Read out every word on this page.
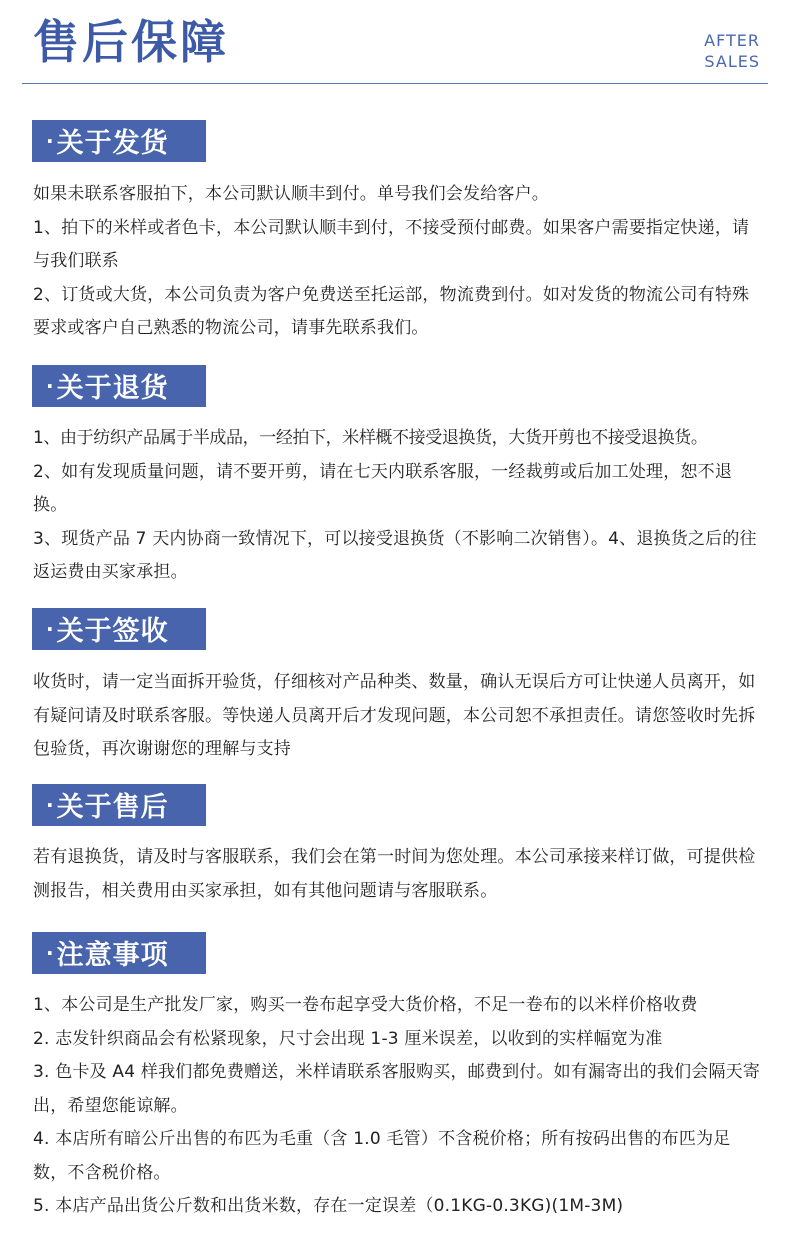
售后保障	AFTER
SALES
·关于发货

如果未联系客服拍下，本公司默认顺丰到付。单号我们会发给客户。

1、拍下的米样或者色卡，本公司默认顺丰到付，不接受预付邮费。如果客户需要指定快递，请与我们联系

2、订货或大货，本公司负责为客户免费送至托运部，物流费到付。如对发货的物流公司有特殊要求或客户自己熟悉的物流公司，请事先联系我们。

·关于退货

1、由于纺织产品属于半成品，一经拍下，米样概不接受退换货，大货开剪也不接受退换货。

2、如有发现质量问题，请不要开剪，请在七天内联系客服，一经裁剪或后加工处理，恕不退换。

3、现货产品 7 天内协商一致情况下，可以接受退换货（不影响二次销售）。4、退换货之后的往返运费由买家承担。

·关于签收

收货时，请一定当面拆开验货，仔细核对产品种类、数量，确认无误后方可让快递人员离开，如有疑问请及时联系客服。等快递人员离开后才发现问题，本公司恕不承担责任。请您签收时先拆包验货，再次谢谢您的理解与支持

·关于售后

若有退换货，请及时与客服联系，我们会在第一时间为您处理。本公司承接来样订做，可提供检测报告，相关费用由买家承担，如有其他问题请与客服联系。

·注意事项

1、本公司是生产批发厂家，购买一卷布起享受大货价格，不足一卷布的以米样价格收费

2. 志发针织商品会有松紧现象，尺寸会出现 1-3 厘米误差，以收到的实样幅宽为准

3. 色卡及 A4 样我们都免费赠送，米样请联系客服购买，邮费到付。如有漏寄出的我们会隔天寄出，希望您能谅解。

4. 本店所有暗公斤出售的布匹为毛重（含 1.0 毛管）不含税价格；所有按码出售的布匹为足数，不含税价格。

5. 本店产品出货公斤数和出货米数，存在一定误差（0.1KG-0.3KG)(1M-3M)
